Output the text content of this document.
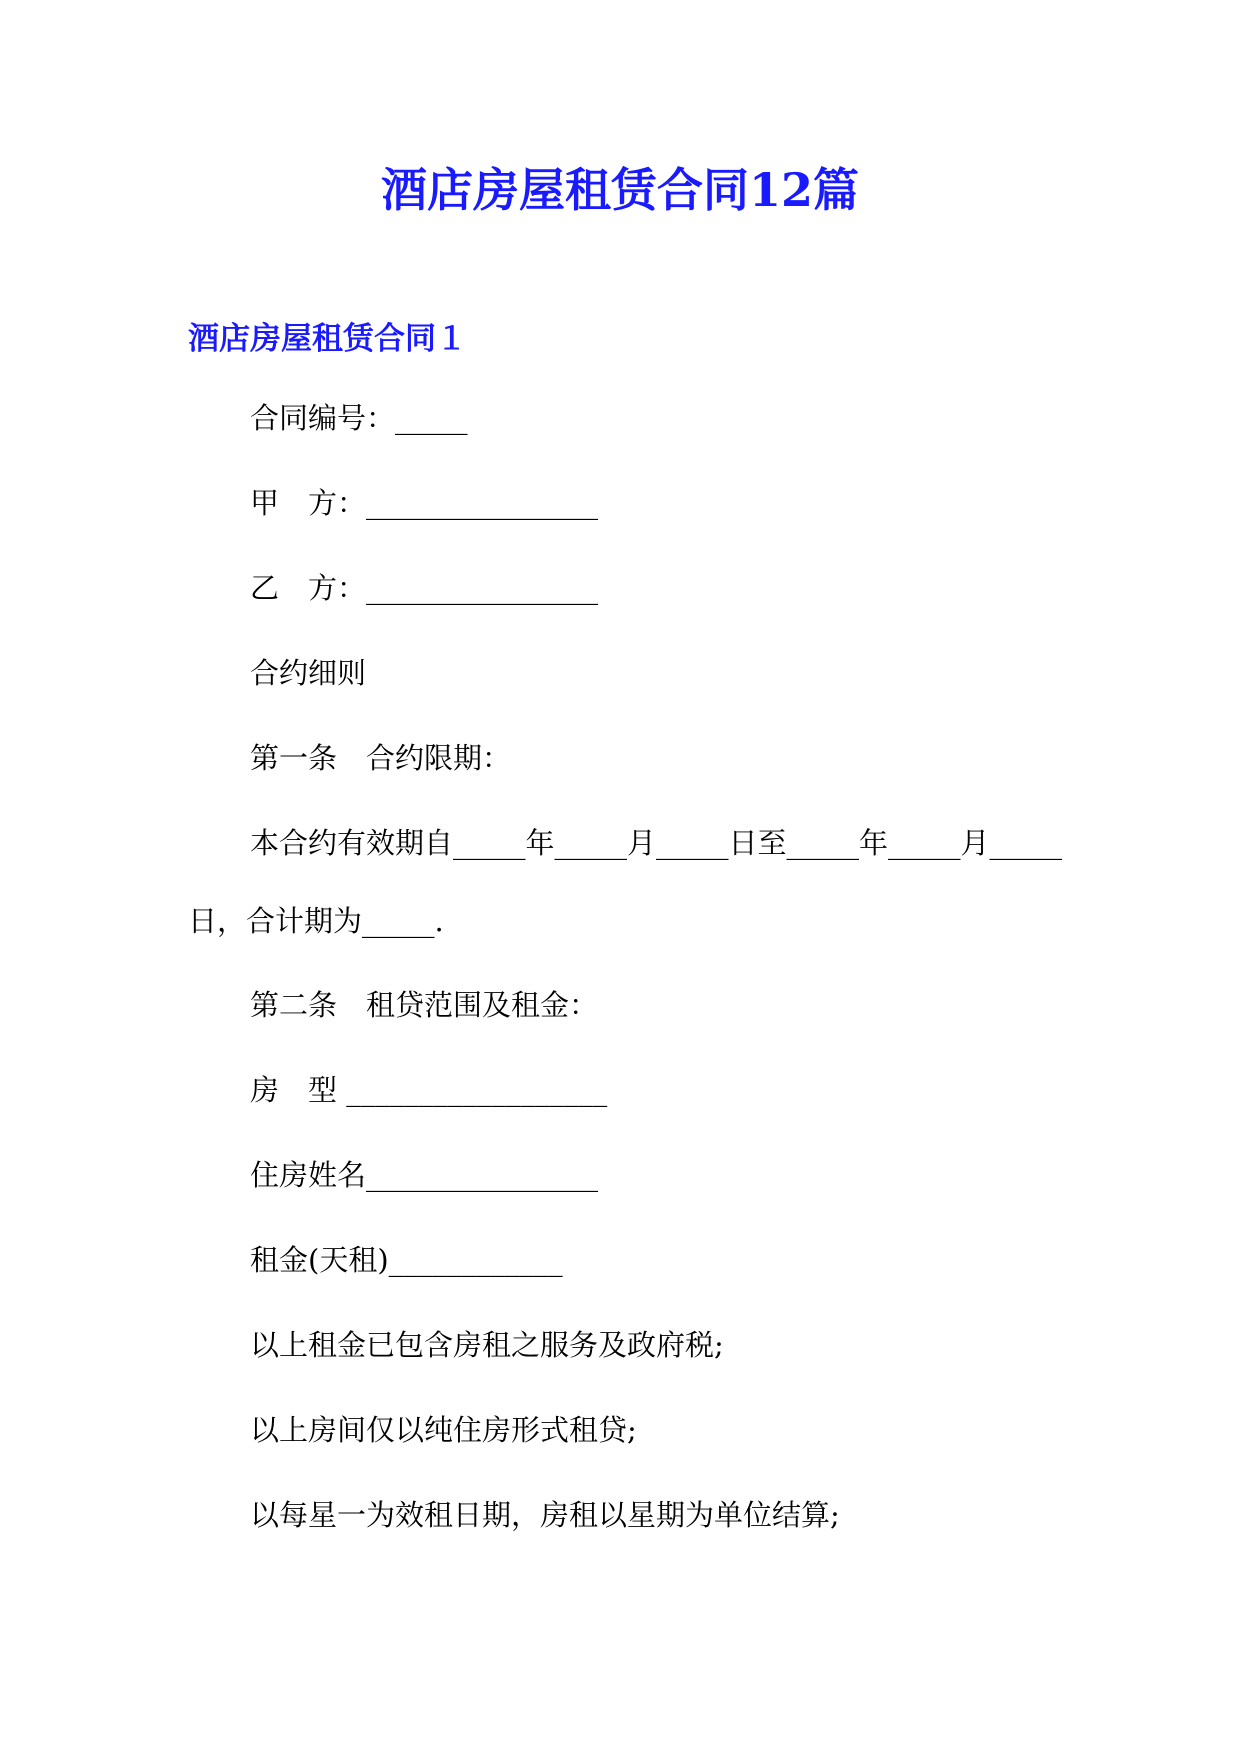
酒店房屋租赁合同12篇
酒店房屋租赁合同１

合同编号：_____

甲　方：________________

乙　方：________________

合约细则

第一条　合约限期：

本合约有效期自_____年_____月_____日至_____年_____月_____日，合计期为_____.

第二条　租贷范围及租金：

房　型 __________________

住房姓名________________

租金(天租)____________

以上租金已包含房租之服务及政府税;

以上房间仅以纯住房形式租贷;

以每星一为效租日期，房租以星期为单位结算;
